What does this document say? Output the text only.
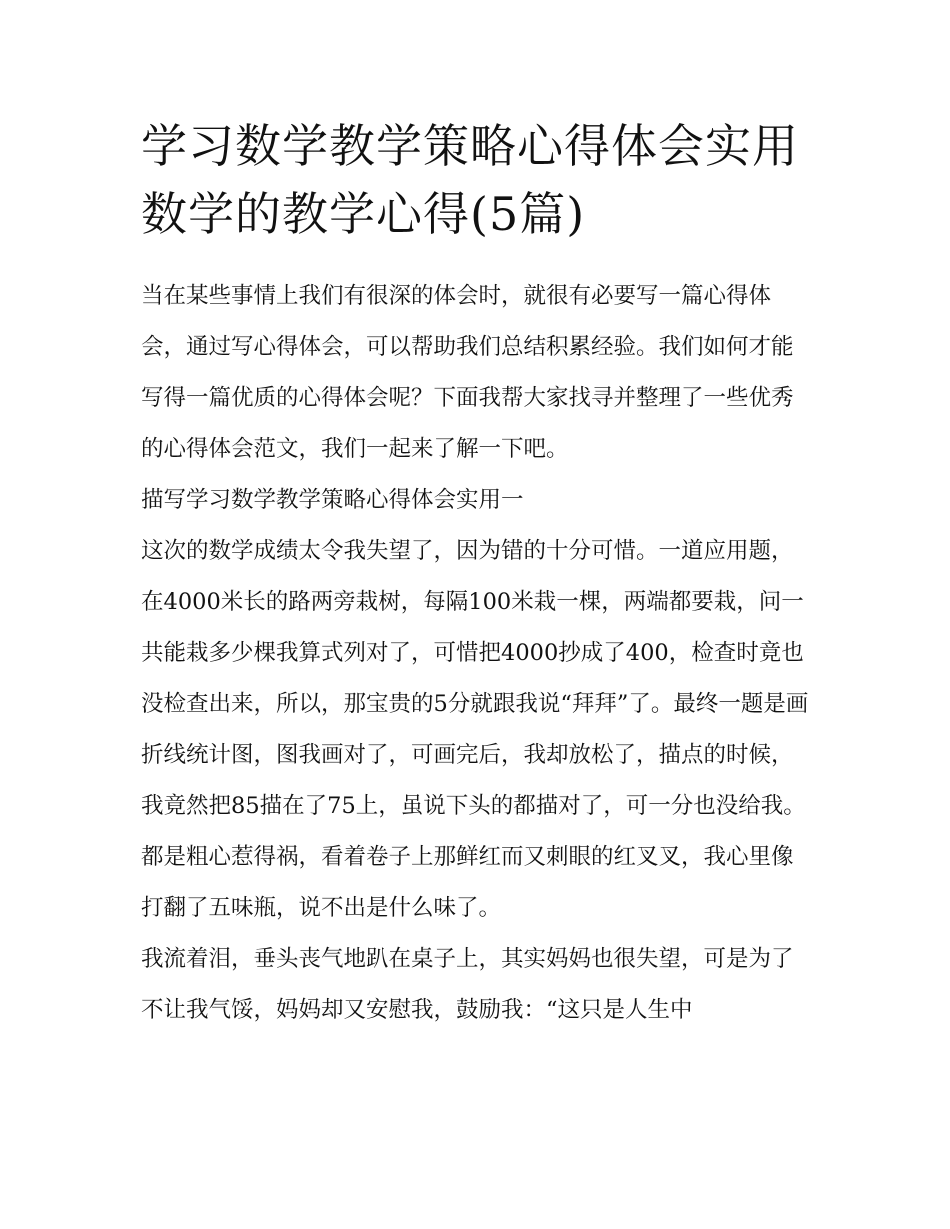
学习数学教学策略心得体会实用 数学的教学心得(5篇)

当在某些事情上我们有很深的体会时，就很有必要写一篇心得体会，通过写心得体会，可以帮助我们总结积累经验。我们如何才能写得一篇优质的心得体会呢？下面我帮大家找寻并整理了一些优秀的心得体会范文，我们一起来了解一下吧。

描写学习数学教学策略心得体会实用一

这次的数学成绩太令我失望了，因为错的十分可惜。一道应用题，在4000米长的路两旁栽树，每隔100米栽一棵，两端都要栽，问一共能栽多少棵我算式列对了，可惜把4000抄成了400，检查时竟也没检查出来，所以，那宝贵的5分就跟我说“拜拜”了。最终一题是画折线统计图，图我画对了，可画完后，我却放松了，描点的时候，我竟然把85描在了75上，虽说下头的都描对了，可一分也没给我。都是粗心惹得祸，看着卷子上那鲜红而又刺眼的红叉叉，我心里像打翻了五味瓶，说不出是什么味了。

我流着泪，垂头丧气地趴在桌子上，其实妈妈也很失望，可是为了不让我气馁，妈妈却又安慰我，鼓励我：“这只是人生中
